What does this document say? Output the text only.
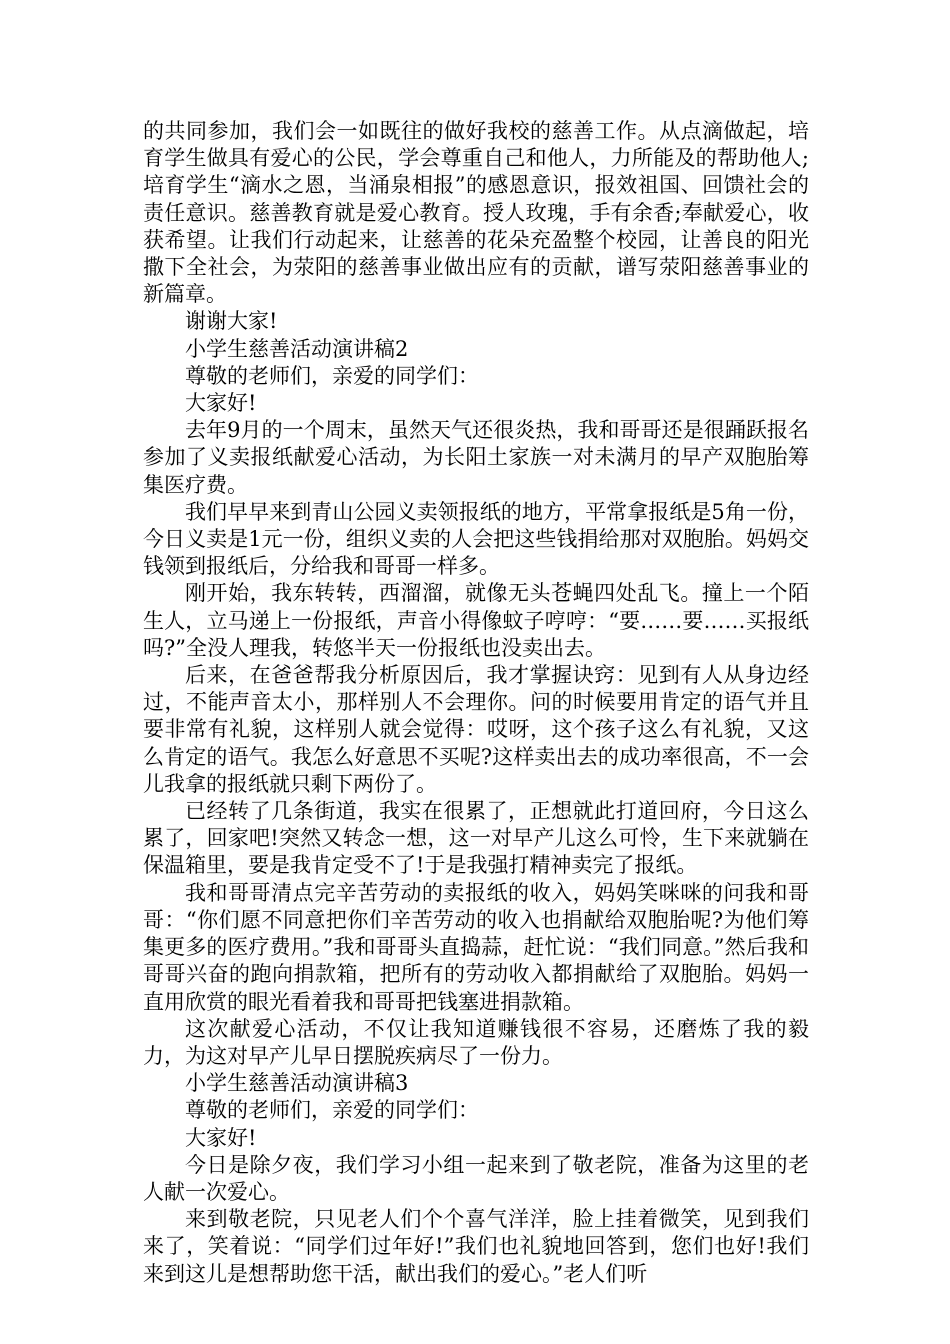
的共同参加，我们会一如既往的做好我校的慈善工作。从点滴做起，培育学生做具有爱心的公民，学会尊重自己和他人，力所能及的帮助他人;培育学生“滴水之恩，当涌泉相报”的感恩意识，报效祖国、回馈社会的责任意识。慈善教育就是爱心教育。授人玫瑰，手有余香;奉献爱心，收获希望。让我们行动起来，让慈善的花朵充盈整个校园，让善良的阳光撒下全社会，为荥阳的慈善事业做出应有的贡献，谱写荥阳慈善事业的新篇章。

谢谢大家!

小学生慈善活动演讲稿2

尊敬的老师们，亲爱的同学们：

大家好!

去年9月的一个周末，虽然天气还很炎热，我和哥哥还是很踊跃报名参加了义卖报纸献爱心活动，为长阳土家族一对未满月的早产双胞胎筹集医疗费。

我们早早来到青山公园义卖领报纸的地方，平常拿报纸是5角一份，今日义卖是1元一份，组织义卖的人会把这些钱捐给那对双胞胎。妈妈交钱领到报纸后，分给我和哥哥一样多。

刚开始，我东转转，西溜溜，就像无头苍蝇四处乱飞。撞上一个陌生人，立马递上一份报纸，声音小得像蚊子哼哼：“要……要……买报纸吗?”全没人理我，转悠半天一份报纸也没卖出去。

后来，在爸爸帮我分析原因后，我才掌握诀窍：见到有人从身边经过，不能声音太小，那样别人不会理你。问的时候要用肯定的语气并且要非常有礼貌，这样别人就会觉得：哎呀，这个孩子这么有礼貌，又这么肯定的语气。我怎么好意思不买呢?这样卖出去的成功率很高，不一会儿我拿的报纸就只剩下两份了。

已经转了几条街道，我实在很累了，正想就此打道回府，今日这么累了，回家吧!突然又转念一想，这一对早产儿这么可怜，生下来就躺在保温箱里，要是我肯定受不了!于是我强打精神卖完了报纸。

我和哥哥清点完辛苦劳动的卖报纸的收入，妈妈笑咪咪的问我和哥哥：“你们愿不同意把你们辛苦劳动的收入也捐献给双胞胎呢?为他们筹集更多的医疗费用。”我和哥哥头直捣蒜，赶忙说：“我们同意。”然后我和哥哥兴奋的跑向捐款箱，把所有的劳动收入都捐献给了双胞胎。妈妈一直用欣赏的眼光看着我和哥哥把钱塞进捐款箱。

这次献爱心活动，不仅让我知道赚钱很不容易，还磨炼了我的毅力，为这对早产儿早日摆脱疾病尽了一份力。

小学生慈善活动演讲稿3

尊敬的老师们，亲爱的同学们：

大家好!

今日是除夕夜，我们学习小组一起来到了敬老院，准备为这里的老人献一次爱心。

来到敬老院，只见老人们个个喜气洋洋，脸上挂着微笑，见到我们来了，笑着说：“同学们过年好!”我们也礼貌地回答到，您们也好!我们来到这儿是想帮助您干活，献出我们的爱心。”老人们听
